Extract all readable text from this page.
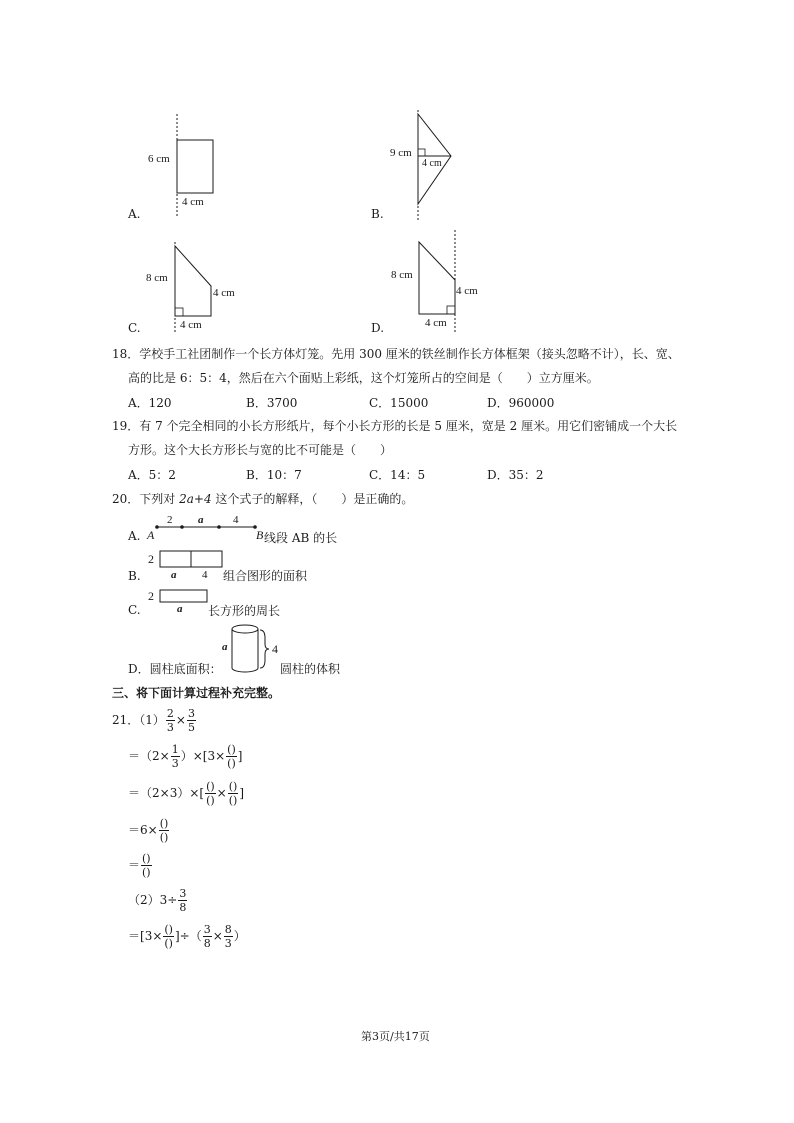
6 cm
4 cm
A.
9 cm
4 cm
B.
8 cm
4 cm
4 cm
C.
8 cm
4 cm
4 cm
D.
18．学校手工社团制作一个长方体灯笼。先用 300 厘米的铁丝制作长方体框架（接头忽略不计），长、宽、
高的比是 6：5：4，然后在六个面贴上彩纸，这个灯笼所占的空间是（　　）立方厘米。
A．120	B．3700	C．15000	D．960000
19．有 7 个完全相同的小长方形纸片，每个小长方形的长是 5 厘米，宽是 2 厘米。用它们密铺成一个大长
方形。这个大长方形长与宽的比不可能是（　　）
A．5：2	B．10：7	C．14：5	D．35：2
20．下列对 2a+4 这个式子的解释，（　　）是正确的。
A. A	B
2 a	4
线段 AB 的长
B.
2
a 4 组合图形的面积
C.
2
a 长方形的周长
D．圆柱底面积：
a	4
圆柱的体积
三、将下面计算过程补充完整。
21．$(1) \frac{2}{3} \times \frac{3}{5}$
$=(2\times \frac{1}{3} )\times[3\times \frac{()}{()}$ ]
$=(2\times 3)\times[ \frac{()}{()} \times \frac{()}{()}$ ]
$=6\times \frac{()}{()}$
＝ $\frac{()}{()}$
$(2)3\div \frac{3}{8}$
$=[3\times \frac{()}{()}$ ]÷（ $\frac{3}{8} \times \frac{8}{3}$ ）
第3页/共17页
